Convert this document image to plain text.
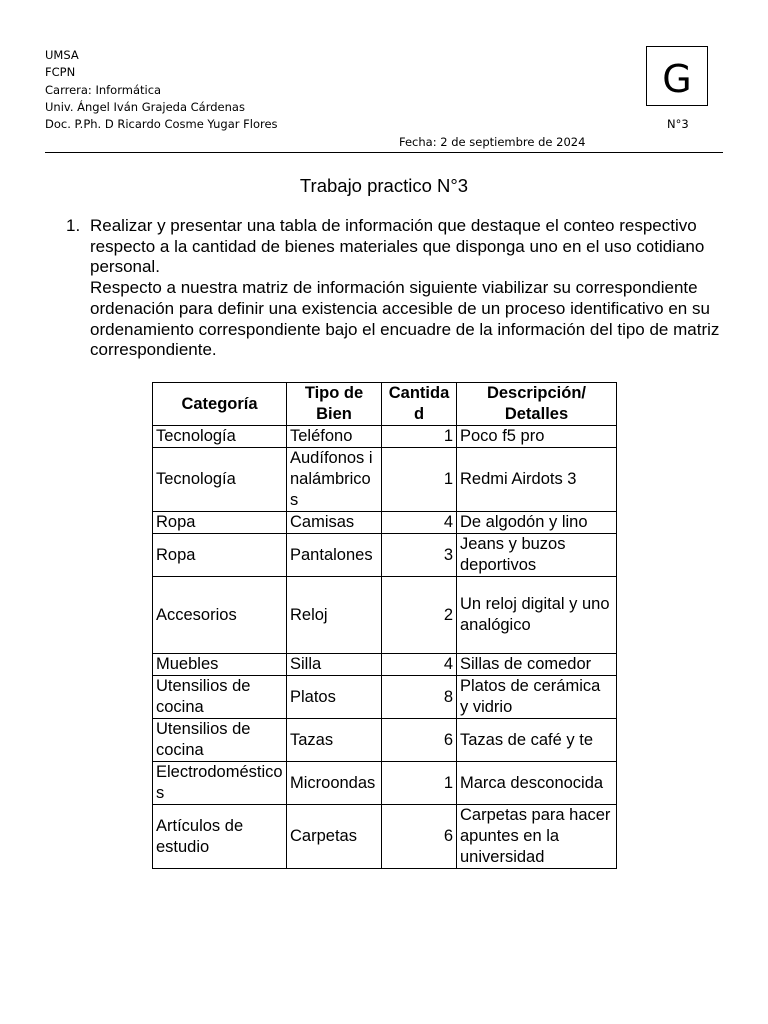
UMSA
FCPN
Carrera: Informática
Univ. Ángel Iván Grajeda Cárdenas
Doc. P.Ph. D Ricardo Cosme Yugar Flores
G
N°3
Fecha: 2 de septiembre de 2024
Trabajo practico N°3
1. Realizar y presentar una tabla de información que destaque el conteo respectivo respecto a la cantidad de bienes materiales que disponga uno en el uso cotidiano personal.

Respecto a nuestra matriz de información siguiente viabilizar su correspondiente ordenación para definir una existencia accesible de un proceso identificativo en su ordenamiento correspondiente bajo el encuadre de la información del tipo de matriz correspondiente.

Categoría	Tipo de Bien	Cantidad	Descripción/ Detalles
Tecnología	Teléfono	1	Poco f5 pro
Tecnología	Audífonos inalámbricos	1	Redmi Airdots 3
Ropa	Camisas	4	De algodón y lino
Ropa	Pantalones	3	Jeans y buzos deportivos
Accesorios	Reloj	2	Un reloj digital y uno analógico
Muebles	Silla	4	Sillas de comedor
Utensilios de cocina	Platos	8	Platos de cerámica y vidrio
Utensilios de cocina	Tazas	6	Tazas de café y te
Electrodomésticos	Microondas	1	Marca desconocida
Artículos de estudio	Carpetas	6	Carpetas para hacer apuntes en la universidad
